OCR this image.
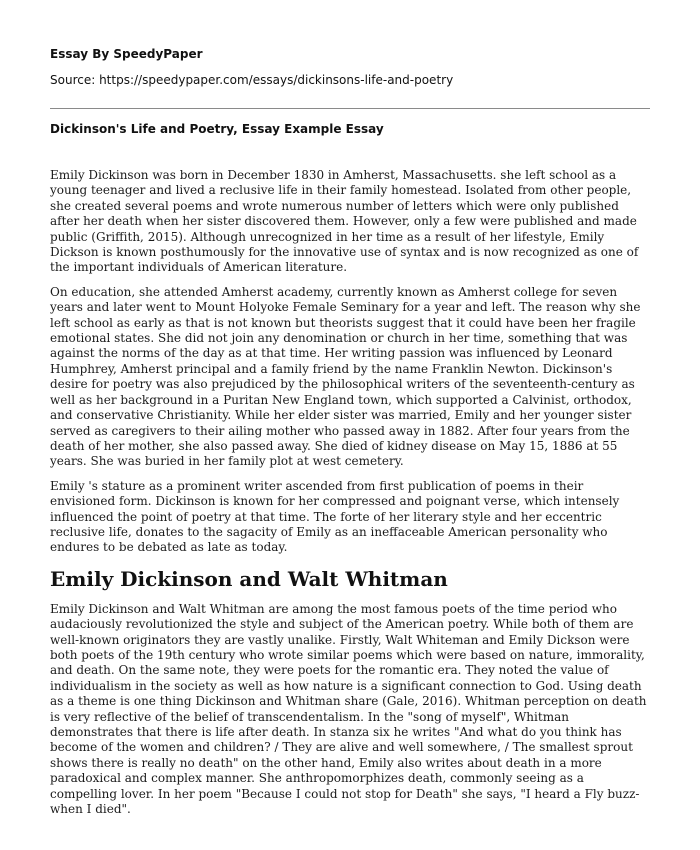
Essay By SpeedyPaper

Source: https://speedypaper.com/essays/dickinsons-life-and-poetry

Dickinson's Life and Poetry, Essay Example Essay

Emily Dickinson was born in December 1830 in Amherst, Massachusetts. she left school as a young teenager and lived a reclusive life in their family homestead. Isolated from other people, she created several poems and wrote numerous number of letters which were only published after her death when her sister discovered them. However, only a few were published and made public (Griffith, 2015). Although unrecognized in her time as a result of her lifestyle, Emily Dickson is known posthumously for the innovative use of syntax and is now recognized as one of the important individuals of American literature.

On education, she attended Amherst academy, currently known as Amherst college for seven years and later went to Mount Holyoke Female Seminary for a year and left. The reason why she left school as early as that is not known but theorists suggest that it could have been her fragile emotional states. She did not join any denomination or church in her time, something that was against the norms of the day as at that time. Her writing passion was influenced by Leonard Humphrey, Amherst principal and a family friend by the name Franklin Newton. Dickinson's desire for poetry was also prejudiced by the philosophical writers of the seventeenth-century as well as her background in a Puritan New England town, which supported a Calvinist, orthodox, and conservative Christianity. While her elder sister was married, Emily and her younger sister served as caregivers to their ailing mother who passed away in 1882. After four years from the death of her mother, she also passed away. She died of kidney disease on May 15, 1886 at 55 years. She was buried in her family plot at west cemetery.

Emily 's stature as a prominent writer ascended from first publication of poems in their envisioned form. Dickinson is known for her compressed and poignant verse, which intensely influenced the point of poetry at that time. The forte of her literary style and her eccentric reclusive life, donates to the sagacity of Emily as an ineffaceable American personality who endures to be debated as late as today.

Emily Dickinson and Walt Whitman

Emily Dickinson and Walt Whitman are among the most famous poets of the time period who audaciously revolutionized the style and subject of the American poetry. While both of them are well-known originators they are vastly unalike. Firstly, Walt Whiteman and Emily Dickson were both poets of the 19th century who wrote similar poems which were based on nature, immorality, and death. On the same note, they were poets for the romantic era. They noted the value of individualism in the society as well as how nature is a significant connection to God. Using death as a theme is one thing Dickinson and Whitman share (Gale, 2016). Whitman perception on death is very reflective of the belief of transcendentalism. In the "song of myself", Whitman demonstrates that there is life after death. In stanza six he writes "And what do you think has become of the women and children? / They are alive and well somewhere, / The smallest sprout shows there is really no death" on the other hand, Emily also writes about death in a more paradoxical and complex manner. She anthropomorphizes death, commonly seeing as a compelling lover. In her poem "Because I could not stop for Death" she says, "I heard a Fly buzz- when I died".
